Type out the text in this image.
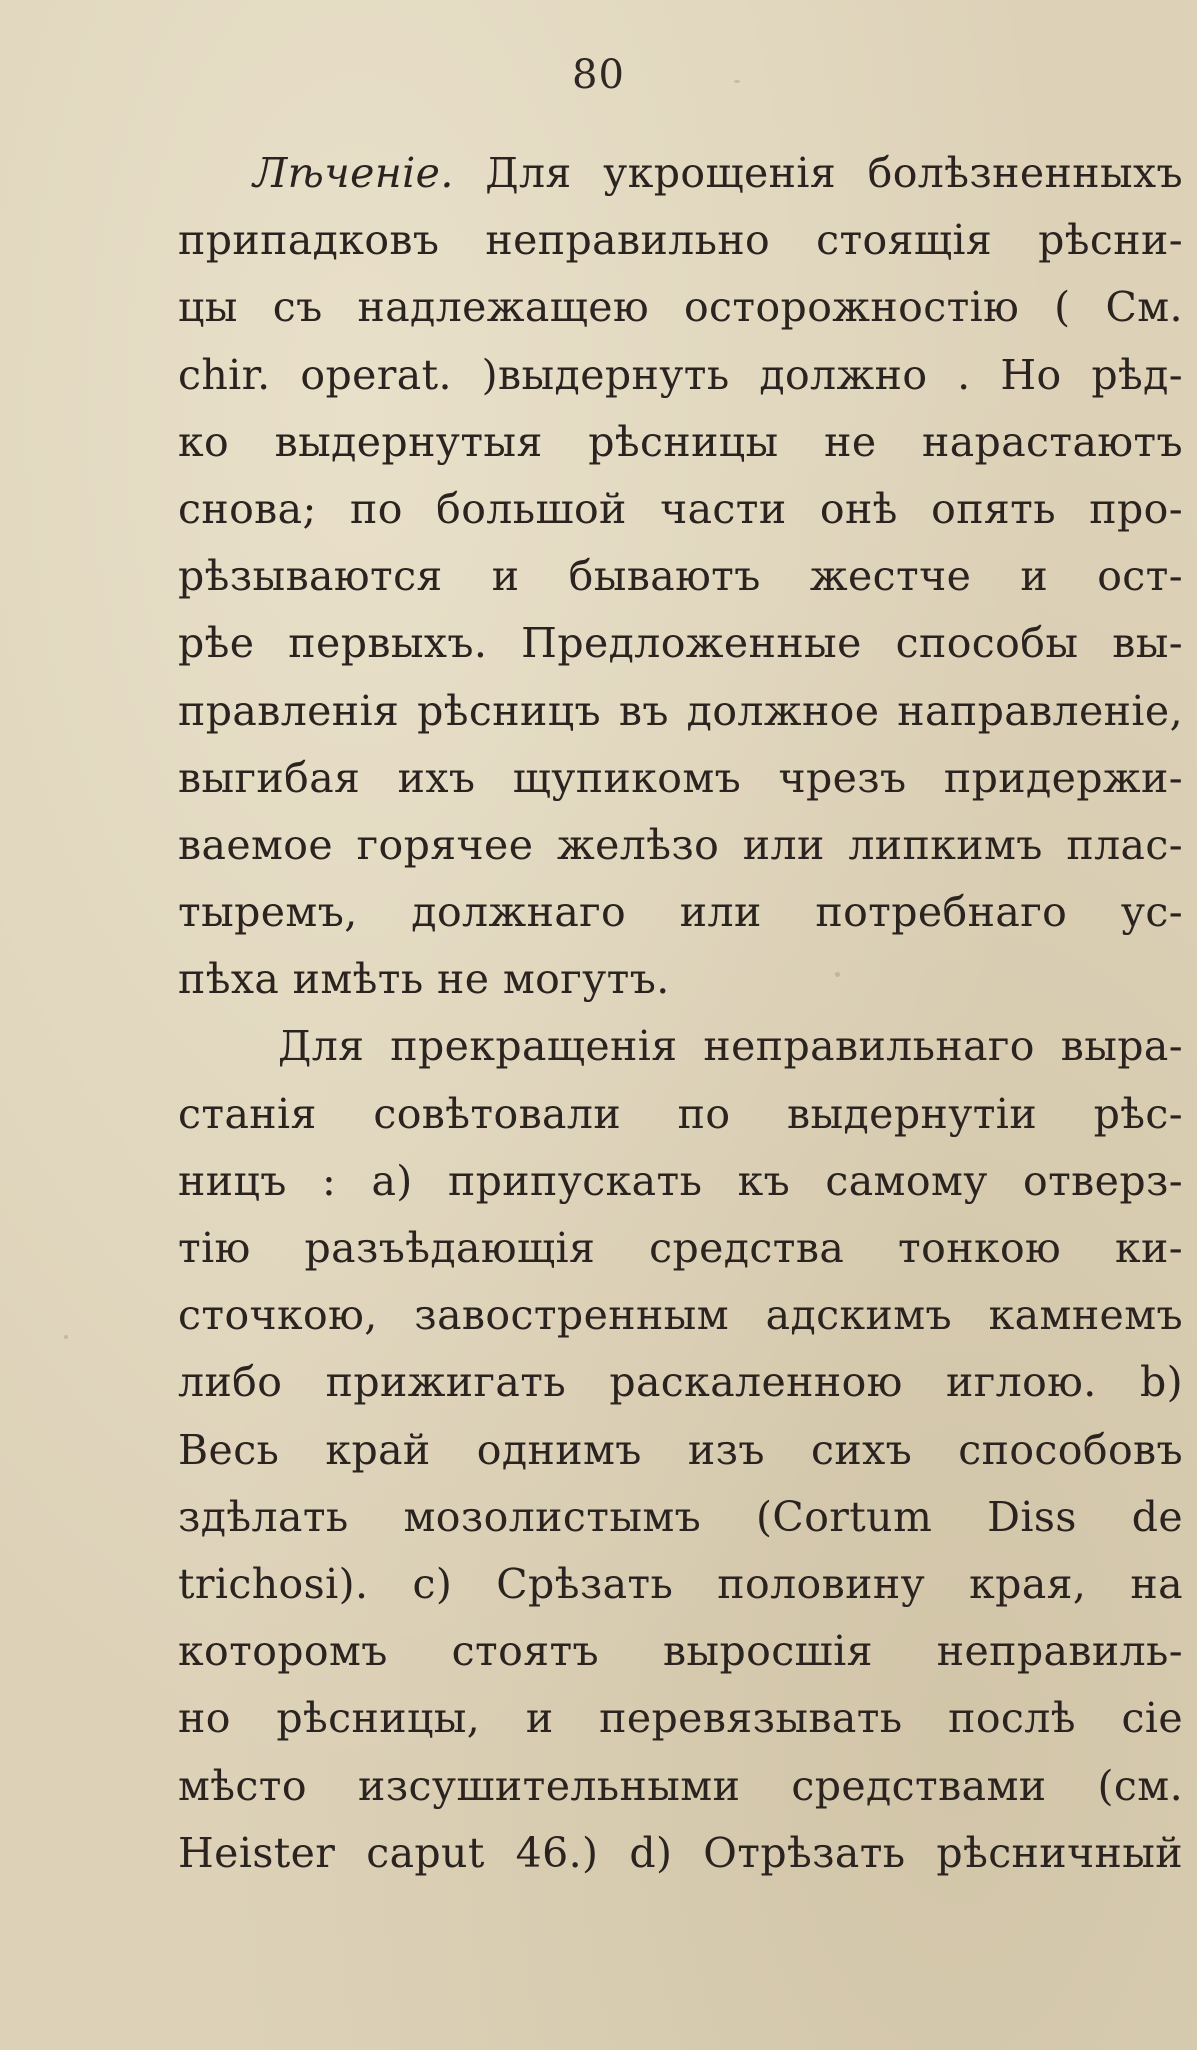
80
Лѣченіе. Для укрощенія болѣзненныхъ
припадковъ неправильно стоящія рѣсни-
цы съ надлежащею осторожностію ( См.
chir. operat. )выдернуть должно . Но рѣд-
ко выдернутыя рѣсницы не нарастаютъ
снова; по большой части онѣ опять про-
рѣзываются и бываютъ жестче и ост-
рѣе первыхъ. Предложенные способы вы-
правленія рѣсницъ въ должное направленіе,
выгибая ихъ щупикомъ чрезъ придержи-
ваемое горячее желѣзо или липкимъ плас-
тыремъ, должнаго или потребнаго ус-
пѣха имѣть не могутъ.
Для прекращенія неправильнаго выра-
станія совѣтовали по выдернутіи рѣс-
ницъ : a) припускать къ самому отверз-
тію разъѣдающія средства тонкою ки-
сточкою, завостренным адскимъ камнемъ
либо прижигать раскаленною иглою. b)
Весь край однимъ изъ сихъ способовъ
здѣлать мозолистымъ (Cortum Diss de
trichosi). c) Срѣзать половину края, на
которомъ стоятъ выросшія неправиль-
но рѣсницы, и перевязывать послѣ сіе
мѣсто изсушительными средствами (см.
Heister caput 46.) d) Отрѣзать рѣсничный
